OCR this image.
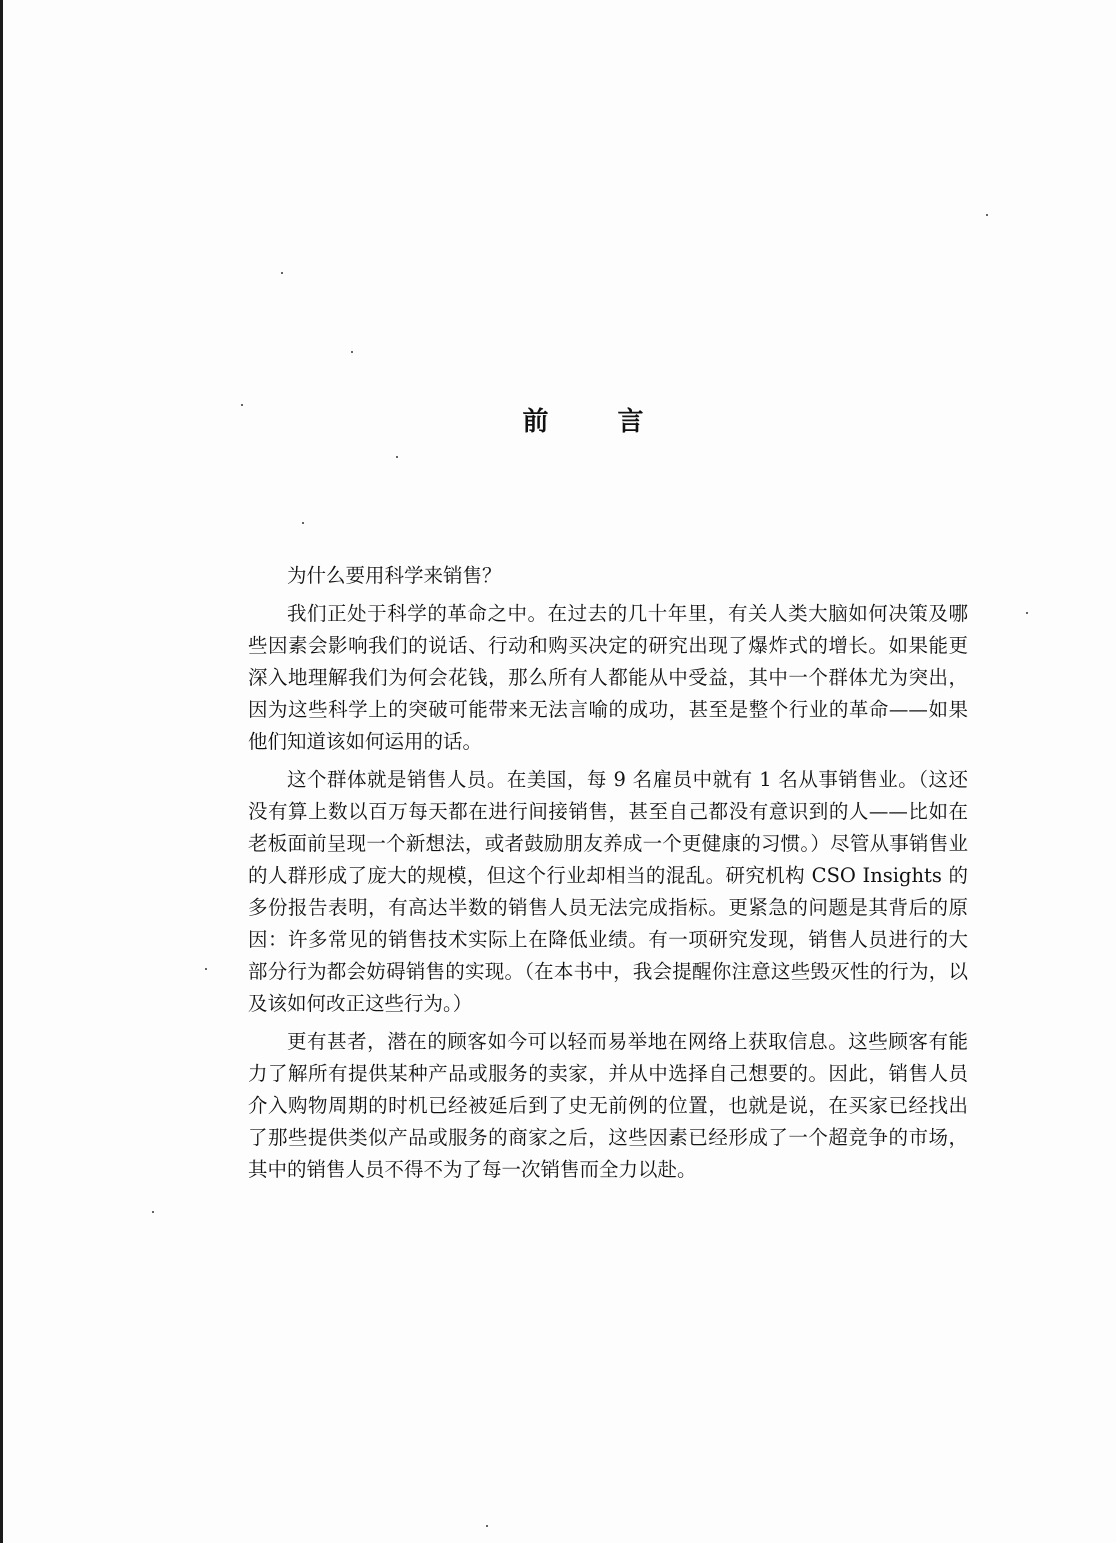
前 言

为什么要用科学来销售？

我们正处于科学的革命之中。在过去的几十年里，有关人类大脑如何决策及哪些因素会影响我们的说话、行动和购买决定的研究出现了爆炸式的增长。如果能更深入地理解我们为何会花钱，那么所有人都能从中受益，其中一个群体尤为突出，因为这些科学上的突破可能带来无法言喻的成功，甚至是整个行业的革命——如果他们知道该如何运用的话。

这个群体就是销售人员。在美国，每 9 名雇员中就有 1 名从事销售业。（这还没有算上数以百万每天都在进行间接销售，甚至自己都没有意识到的人——比如在老板面前呈现一个新想法，或者鼓励朋友养成一个更健康的习惯。）尽管从事销售业的人群形成了庞大的规模，但这个行业却相当的混乱。研究机构 CSO Insights 的多份报告表明，有高达半数的销售人员无法完成指标。更紧急的问题是其背后的原因：许多常见的销售技术实际上在降低业绩。有一项研究发现，销售人员进行的大部分行为都会妨碍销售的实现。（在本书中，我会提醒你注意这些毁灭性的行为，以及该如何改正这些行为。）

更有甚者，潜在的顾客如今可以轻而易举地在网络上获取信息。这些顾客有能力了解所有提供某种产品或服务的卖家，并从中选择自己想要的。因此，销售人员介入购物周期的时机已经被延后到了史无前例的位置，也就是说，在买家已经找出了那些提供类似产品或服务的商家之后，这些因素已经形成了一个超竞争的市场，其中的销售人员不得不为了每一次销售而全力以赴。
